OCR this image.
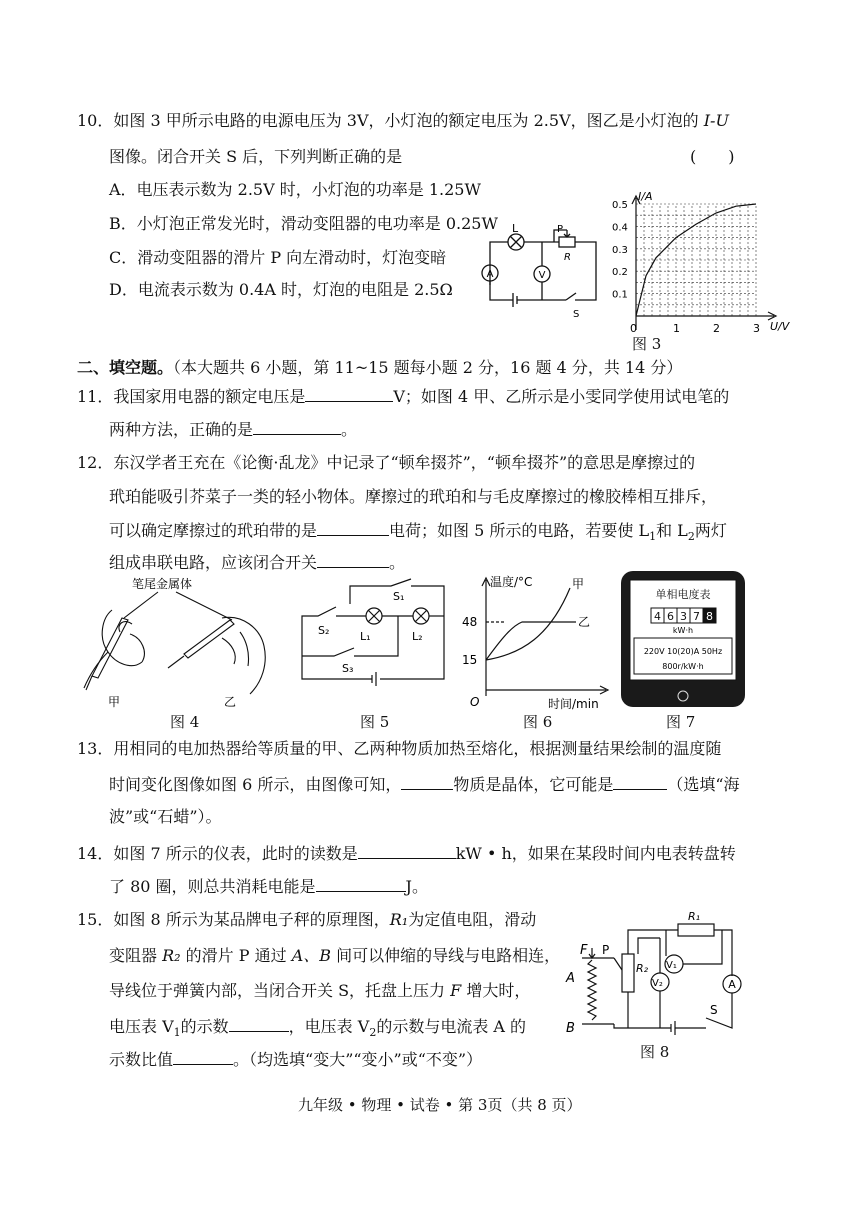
10．如图 3 甲所示电路的电源电压为 3V，小灯泡的额定电压为 2.5V，图乙是小灯泡的 I-U
图像。闭合开关 S 后，下列判断正确的是	(　　)
A．电压表示数为 2.5V 时，小灯泡的功率是 1.25W
B．小灯泡正常发光时，滑动变阻器的电功率是 0.25W
C．滑动变阻器的滑片 P 向左滑动时，灯泡变暗
D．电流表示数为 0.4A 时，灯泡的电阻是 2.5Ω
A	V
L	P
R
S
0.1
0.2
0.3
0.4
0.5
1	2	3
I/A
U/V
0
图 3
二、填空题。（本大题共 6 小题，第 11~15 题每小题 2 分，16 题 4 分，共 14 分）
11．我国家用电器的额定电压是	V；如图 4 甲、乙所示是小雯同学使用试电笔的
两种方法，正确的是	。
12．东汉学者王充在《论衡·乱龙》中记录了“顿牟掇芥”，“顿牟掇芥”的意思是摩擦过的
玳珀能吸引芥菜子一类的轻小物体。摩擦过的玳珀和与毛皮摩擦过的橡胶棒相互排斥，
可以确定摩擦过的玳珀带的是	电荷；如图 5 所示的电路，若要使 $L_1$和 $L_2$两灯
组成串联电路，应该闭合开关	。
笔尾金属体
甲	乙
图 4
S₁
S₂
S₃
L₁	L₂
图 5
温度/°C
48
15
O	时间/min
甲
乙
图 6
单相电度表
4 6 3 7 8
kW·h
220V 10(20)A 50Hz
800r/kW·h
图 7
13．用相同的电加热器给等质量的甲、乙两种物质加热至熔化，根据测量结果绘制的温度随
时间变化图像如图 6 所示，由图像可知，	物质是晶体，它可能是	（选填“海
波”或“石蜡”）。
14．如图 7 所示的仪表，此时的读数是	kW • h，如果在某段时间内电表转盘转
了 80 圈，则总共消耗电能是	J。
15．如图 8 所示为某品牌电子秤的原理图，R₁为定值电阻，滑动
变阻器 R₂ 的滑片 P 通过 A、B 间可以伸缩的导线与电路相连，
导线位于弹簧内部，当闭合开关 S，托盘上压力 F 增大时，
电压表 $V_1$的示数	，电压表 $V_2$的示数与电流表 A 的
示数比值	。（均选填“变大”“变小”或“不变”）
F P
A
B
R₂
R₁
V₁
V₂	A
S
图 8
九年级 • 物理 • 试卷 • 第 3页（共 8 页）
